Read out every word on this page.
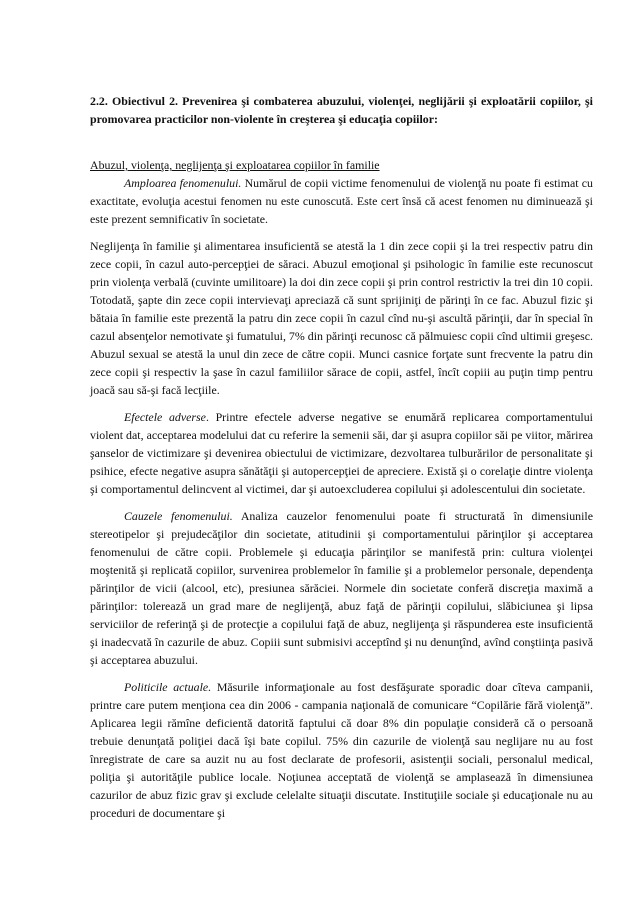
2.2. Obiectivul 2. Prevenirea şi combaterea abuzului, violenţei, neglijării şi exploatării copiilor, şi promovarea practicilor non-violente în creşterea şi educaţia copiilor:

Abuzul, violenţa, neglijenţa şi exploatarea copiilor în familie

Amploarea fenomenului. Numărul de copii victime fenomenului de violenţă nu poate fi estimat cu exactitate, evoluţia acestui fenomen nu este cunoscută. Este cert însă că acest fenomen nu diminuează şi este prezent semnificativ în societate.

Neglijenţa în familie şi alimentarea insuficientă se atestă la 1 din zece copii şi la trei respectiv patru din zece copii, în cazul auto-percepţiei de săraci. Abuzul emoţional şi psihologic în familie este recunoscut prin violenţa verbală (cuvinte umilitoare) la doi din zece copii şi prin control restrictiv la trei din 10 copii. Totodată, şapte din zece copii intervievaţi apreciază că sunt sprijiniţi de părinţi în ce fac. Abuzul fizic şi bătaia în familie este prezentă la patru din zece copii în cazul cînd nu-şi ascultă părinţii, dar în special în cazul absenţelor nemotivate şi fumatului, 7% din părinţi recunosc că pălmuiesc copii cînd ultimii greşesc. Abuzul sexual se atestă la unul din zece de către copii. Munci casnice forţate sunt frecvente la patru din zece copii şi respectiv la şase în cazul familiilor sărace de copii, astfel, încît copiii au puţin timp pentru joacă sau să-şi facă lecţiile.

Efectele adverse. Printre efectele adverse negative se enumără replicarea comportamentului violent dat, acceptarea modelului dat cu referire la semenii săi, dar şi asupra copiilor săi pe viitor, mărirea şanselor de victimizare şi devenirea obiectului de victimizare, dezvoltarea tulburărilor de personalitate şi psihice, efecte negative asupra sănătăţii şi autopercepţiei de apreciere. Există şi o corelaţie dintre violenţa şi comportamentul delincvent al victimei, dar şi autoexcluderea copilului şi adolescentului din societate.

Cauzele fenomenului. Analiza cauzelor fenomenului poate fi structurată în dimensiunile stereotipelor şi prejudecăţilor din societate, atitudinii şi comportamentului părinţilor şi acceptarea fenomenului de către copii. Problemele şi educaţia părinţilor se manifestă prin: cultura violenţei moştenită şi replicată copiilor, survenirea problemelor în familie şi a problemelor personale, dependenţa părinţilor de vicii (alcool, etc), presiunea sărăciei. Normele din societate conferă discreţia maximă a părinţilor: tolerează un grad mare de neglijenţă, abuz faţă de părinţii copilului, slăbiciunea şi lipsa serviciilor de referinţă şi de protecţie a copilului faţă de abuz, neglijenţa şi răspunderea este insuficientă şi inadecvată în cazurile de abuz. Copiii sunt submisivi acceptînd şi nu denunţînd, avînd conştiinţa pasivă şi acceptarea abuzului.

Politicile actuale. Măsurile informaţionale au fost desfăşurate sporadic doar cîteva campanii, printre care putem menţiona cea din 2006 - campania naţională de comunicare “Copilărie fără violenţă”. Aplicarea legii rămîne deficientă datorită faptului că doar 8% din populaţie consideră că o persoană trebuie denunţată poliţiei dacă îşi bate copilul. 75% din cazurile de violenţă sau neglijare nu au fost înregistrate de care sa auzit nu au fost declarate de profesorii, asistenţii sociali, personalul medical, poliţia şi autorităţile publice locale. Noţiunea acceptată de violenţă se amplasează în dimensiunea cazurilor de abuz fizic grav şi exclude celelalte situaţii discutate. Instituţiile sociale şi educaţionale nu au proceduri de documentare şi
